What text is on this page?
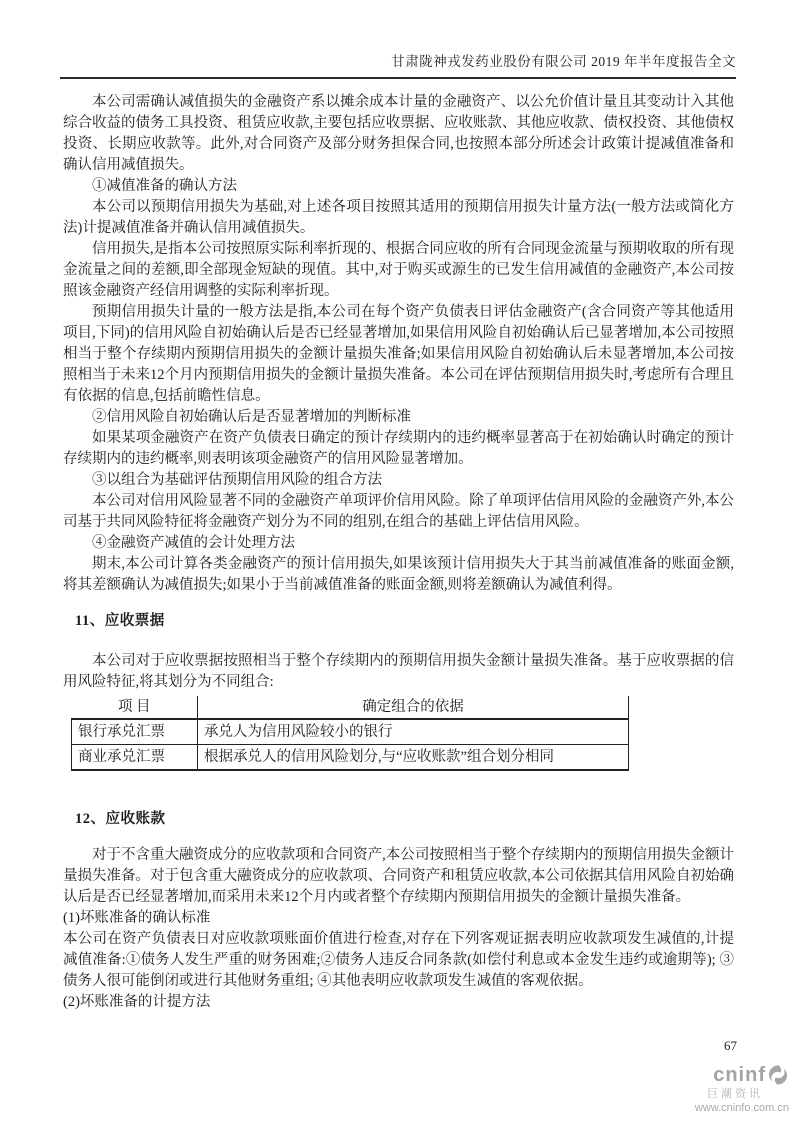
甘肃陇神戎发药业股份有限公司 2019 年半年度报告全文

本公司需确认减值损失的金融资产系以摊余成本计量的金融资产、以公允价值计量且其变动计入其他综合收益的债务工具投资、租赁应收款,主要包括应收票据、应收账款、其他应收款、债权投资、其他债权投资、长期应收款等。此外,对合同资产及部分财务担保合同,也按照本部分所述会计政策计提减值准备和确认信用减值损失。

①减值准备的确认方法

本公司以预期信用损失为基础,对上述各项目按照其适用的预期信用损失计量方法(一般方法或简化方法)计提减值准备并确认信用减值损失。

信用损失,是指本公司按照原实际利率折现的、根据合同应收的所有合同现金流量与预期收取的所有现金流量之间的差额,即全部现金短缺的现值。其中,对于购买或源生的已发生信用减值的金融资产,本公司按照该金融资产经信用调整的实际利率折现。

预期信用损失计量的一般方法是指,本公司在每个资产负债表日评估金融资产(含合同资产等其他适用项目,下同)的信用风险自初始确认后是否已经显著增加,如果信用风险自初始确认后已显著增加,本公司按照相当于整个存续期内预期信用损失的金额计量损失准备;如果信用风险自初始确认后未显著增加,本公司按照相当于未来12个月内预期信用损失的金额计量损失准备。本公司在评估预期信用损失时,考虑所有合理且有依据的信息,包括前瞻性信息。

②信用风险自初始确认后是否显著增加的判断标准

如果某项金融资产在资产负债表日确定的预计存续期内的违约概率显著高于在初始确认时确定的预计存续期内的违约概率,则表明该项金融资产的信用风险显著增加。

③以组合为基础评估预期信用风险的组合方法

本公司对信用风险显著不同的金融资产单项评价信用风险。除了单项评估信用风险的金融资产外,本公司基于共同风险特征将金融资产划分为不同的组别,在组合的基础上评估信用风险。

④金融资产减值的会计处理方法

期末,本公司计算各类金融资产的预计信用损失,如果该预计信用损失大于其当前减值准备的账面金额,将其差额确认为减值损失;如果小于当前减值准备的账面金额,则将差额确认为减值利得。

11、应收票据

本公司对于应收票据按照相当于整个存续期内的预期信用损失金额计量损失准备。基于应收票据的信用风险特征,将其划分为不同组合:

项 目	确定组合的依据
银行承兑汇票	承兑人为信用风险较小的银行
商业承兑汇票	根据承兑人的信用风险划分,与“应收账款”组合划分相同
12、应收账款

对于不含重大融资成分的应收款项和合同资产,本公司按照相当于整个存续期内的预期信用损失金额计量损失准备。对于包含重大融资成分的应收款项、合同资产和租赁应收款,本公司依据其信用风险自初始确认后是否已经显著增加,而采用未来12个月内或者整个存续期内预期信用损失的金额计量损失准备。

(1)坏账准备的确认标准

本公司在资产负债表日对应收款项账面价值进行检查,对存在下列客观证据表明应收款项发生减值的,计提减值准备:①债务人发生严重的财务困难;②债务人违反合同条款(如偿付利息或本金发生违约或逾期等); ③债务人很可能倒闭或进行其他财务重组; ④其他表明应收款项发生减值的客观依据。

(2)坏账准备的计提方法

67
cninf
巨潮资讯
www.cninfo.com.cn
